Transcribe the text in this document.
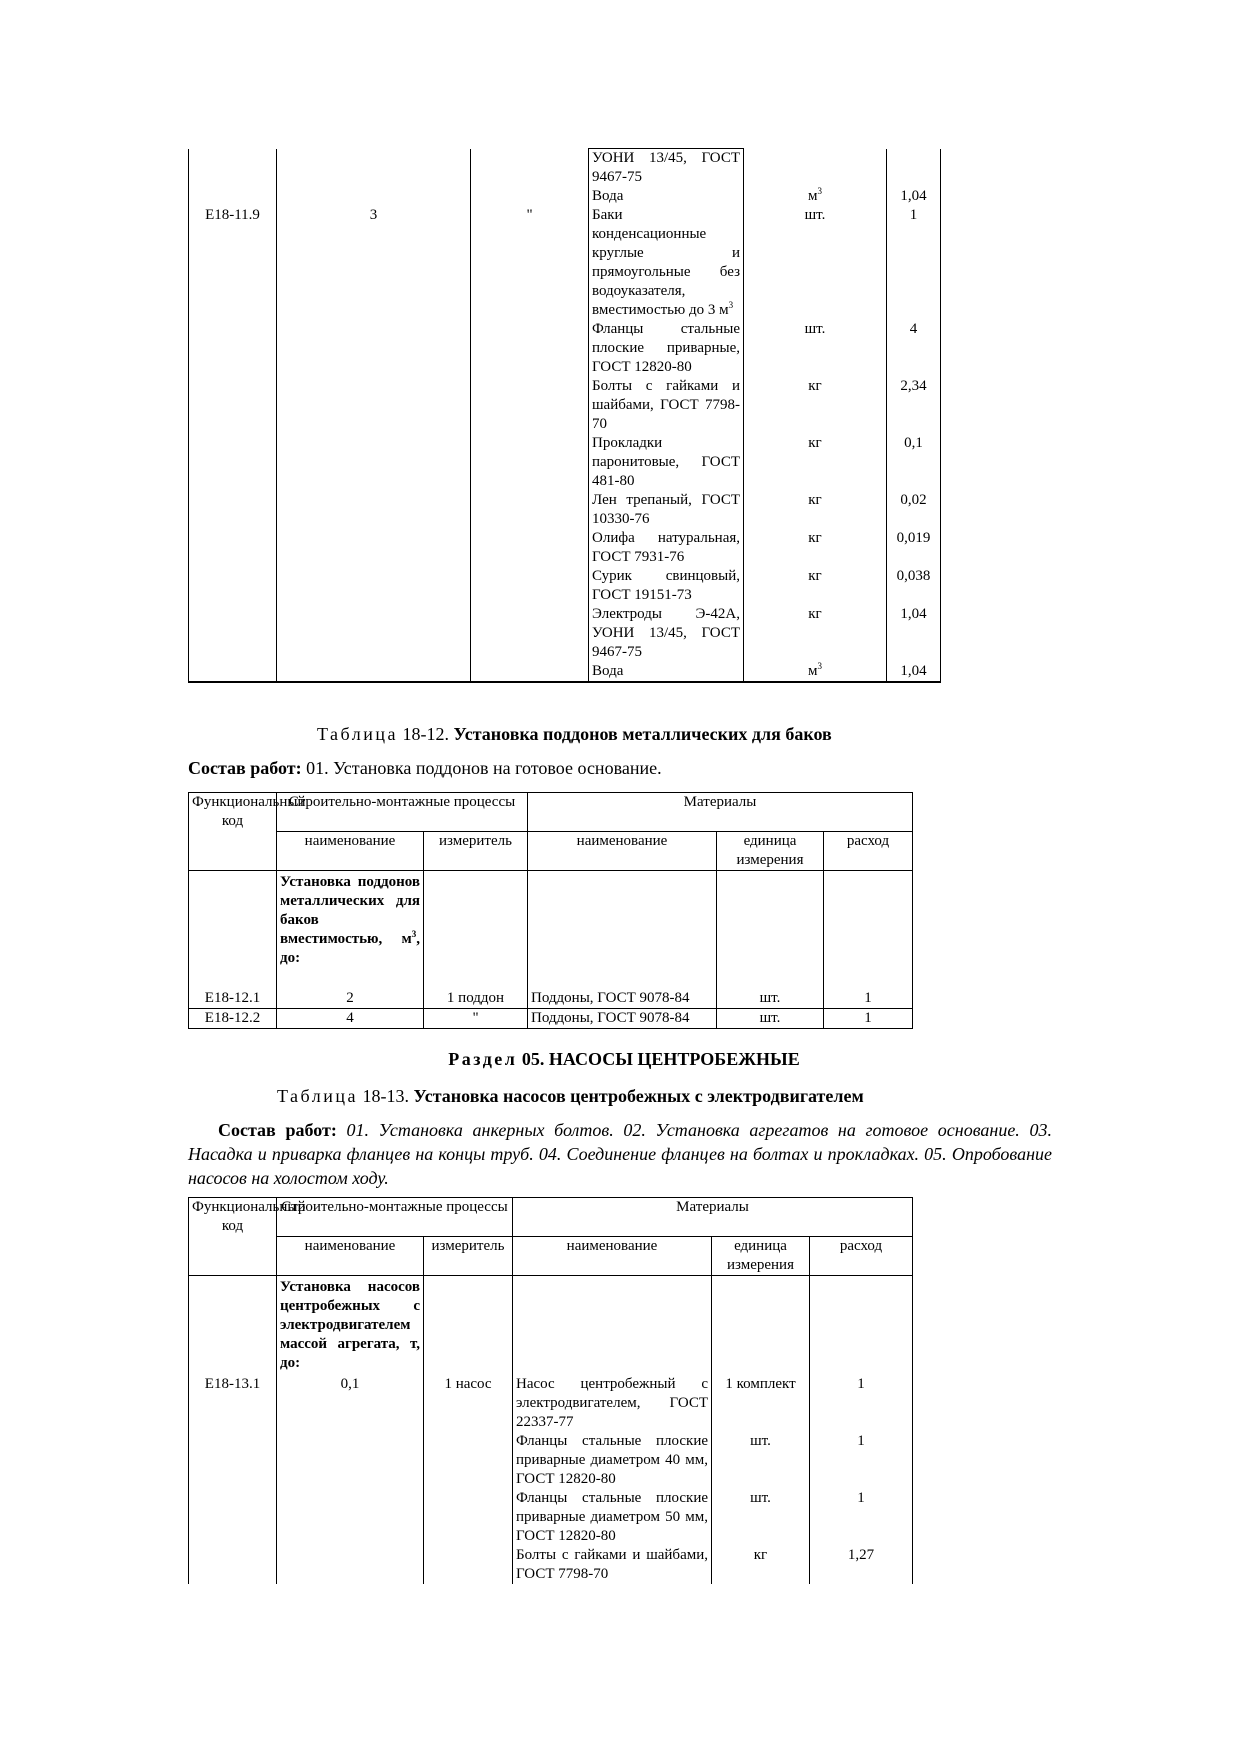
			УОНИ 13/45, ГОСТ 9467-75		
			Вода	$м^3$	1,04
Е18-11.9	3	"	Баки конденсационные круглые и прямоугольные без водоуказателя, вместимостью до 3 $м^3$	шт.	1
			Фланцы стальные плоские приварные, ГОСТ 12820-80	шт.	4
			Болты с гайками и шайбами, ГОСТ 7798-70	кг	2,34
			Прокладки паронитовые, ГОСТ 481-80	кг	0,1
			Лен трепаный, ГОСТ 10330-76	кг	0,02
			Олифа натуральная, ГОСТ 7931-76	кг	0,019
			Сурик свинцовый, ГОСТ 19151-73	кг	0,038
			Электроды Э-42А, УОНИ 13/45, ГОСТ 9467-75	кг	1,04
			Вода	$м^3$	1,04
Таблица 18-12. Установка поддонов металлических для баков
Состав работ: 01. Установка поддонов на готовое основание.
Функциональный код	Строительно-монтажные процессы		Материалы		
	наименование	измеритель	наименование	единица измерения	расход
	Установка поддонов металлических для баков вместимостью, $м^3$, до:				
Е18-12.1	2	1 поддон	Поддоны, ГОСТ 9078-84	шт.	1
Е18-12.2	4	"	Поддоны, ГОСТ 9078-84	шт.	1
Раздел 05. НАСОСЫ ЦЕНТРОБЕЖНЫЕ
Таблица 18-13. Установка насосов центробежных с электродвигателем
Состав работ: 01. Установка анкерных болтов. 02. Установка агрегатов на готовое основание. 03. Насадка и приварка фланцев на концы труб. 04. Соединение фланцев на болтах и прокладках. 05. Опробование насосов на холостом ходу.
Функциональный код	Строительно-монтажные процессы		Материалы		
	наименование	измеритель	наименование	единица измерения	расход
	Установка насосов центробежных с электродвигателем массой агрегата, т, до:				
Е18-13.1	0,1	1 насос	Насос центробежный с электродвигателем, ГОСТ 22337-77	1 комплект	1
			Фланцы стальные плоские приварные диаметром 40 мм, ГОСТ 12820-80	шт.	1
			Фланцы стальные плоские приварные диаметром 50 мм, ГОСТ 12820-80	шт.	1
			Болты с гайками и шайбами, ГОСТ 7798-70	кг	1,27
